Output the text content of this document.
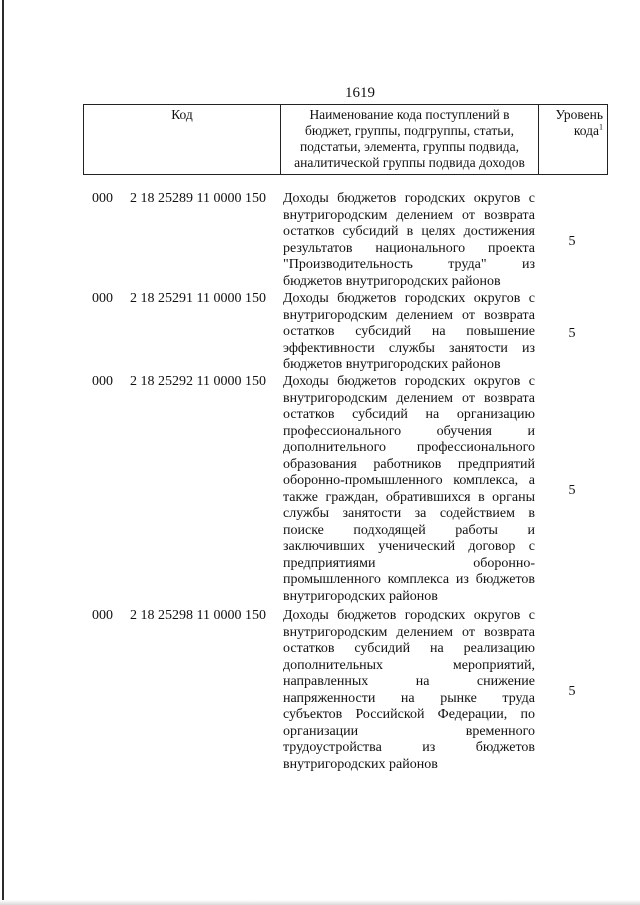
1619
Код	Наименование кода поступлений в
бюджет, группы, подгруппы, статьи,
подстатьи, элемента, группы подвида,
аналитической группы подвида доходов
Уровень
кода$^1$
000 2 18 25289 11 0000 150 Доходы бюджетов городских округов с
внутригородским делением от возврата
остатков субсидий в целях достижения
результатов национального проекта
"Производительность труда" из
бюджетов внутригородских районов
5
000 2 18 25291 11 0000 150 Доходы бюджетов городских округов с
внутригородским делением от возврата
остатков субсидий на повышение
эффективности службы занятости из
бюджетов внутригородских районов
5
000 2 18 25292 11 0000 150 Доходы бюджетов городских округов с
внутригородским делением от возврата
остатков субсидий на организацию
профессионального обучения и
дополнительного профессионального
образования работников предприятий
оборонно-промышленного комплекса, а
также граждан, обратившихся в органы
службы занятости за содействием в
поиске подходящей работы и
заключивших ученический договор с
предприятиями оборонно-
промышленного комплекса из бюджетов
внутригородских районов
5
000 2 18 25298 11 0000 150 Доходы бюджетов городских округов с
внутригородским делением от возврата
остатков субсидий на реализацию
дополнительных мероприятий,
направленных на снижение
напряженности на рынке труда
субъектов Российской Федерации, по
организации временного
трудоустройства из бюджетов
внутригородских районов
5
